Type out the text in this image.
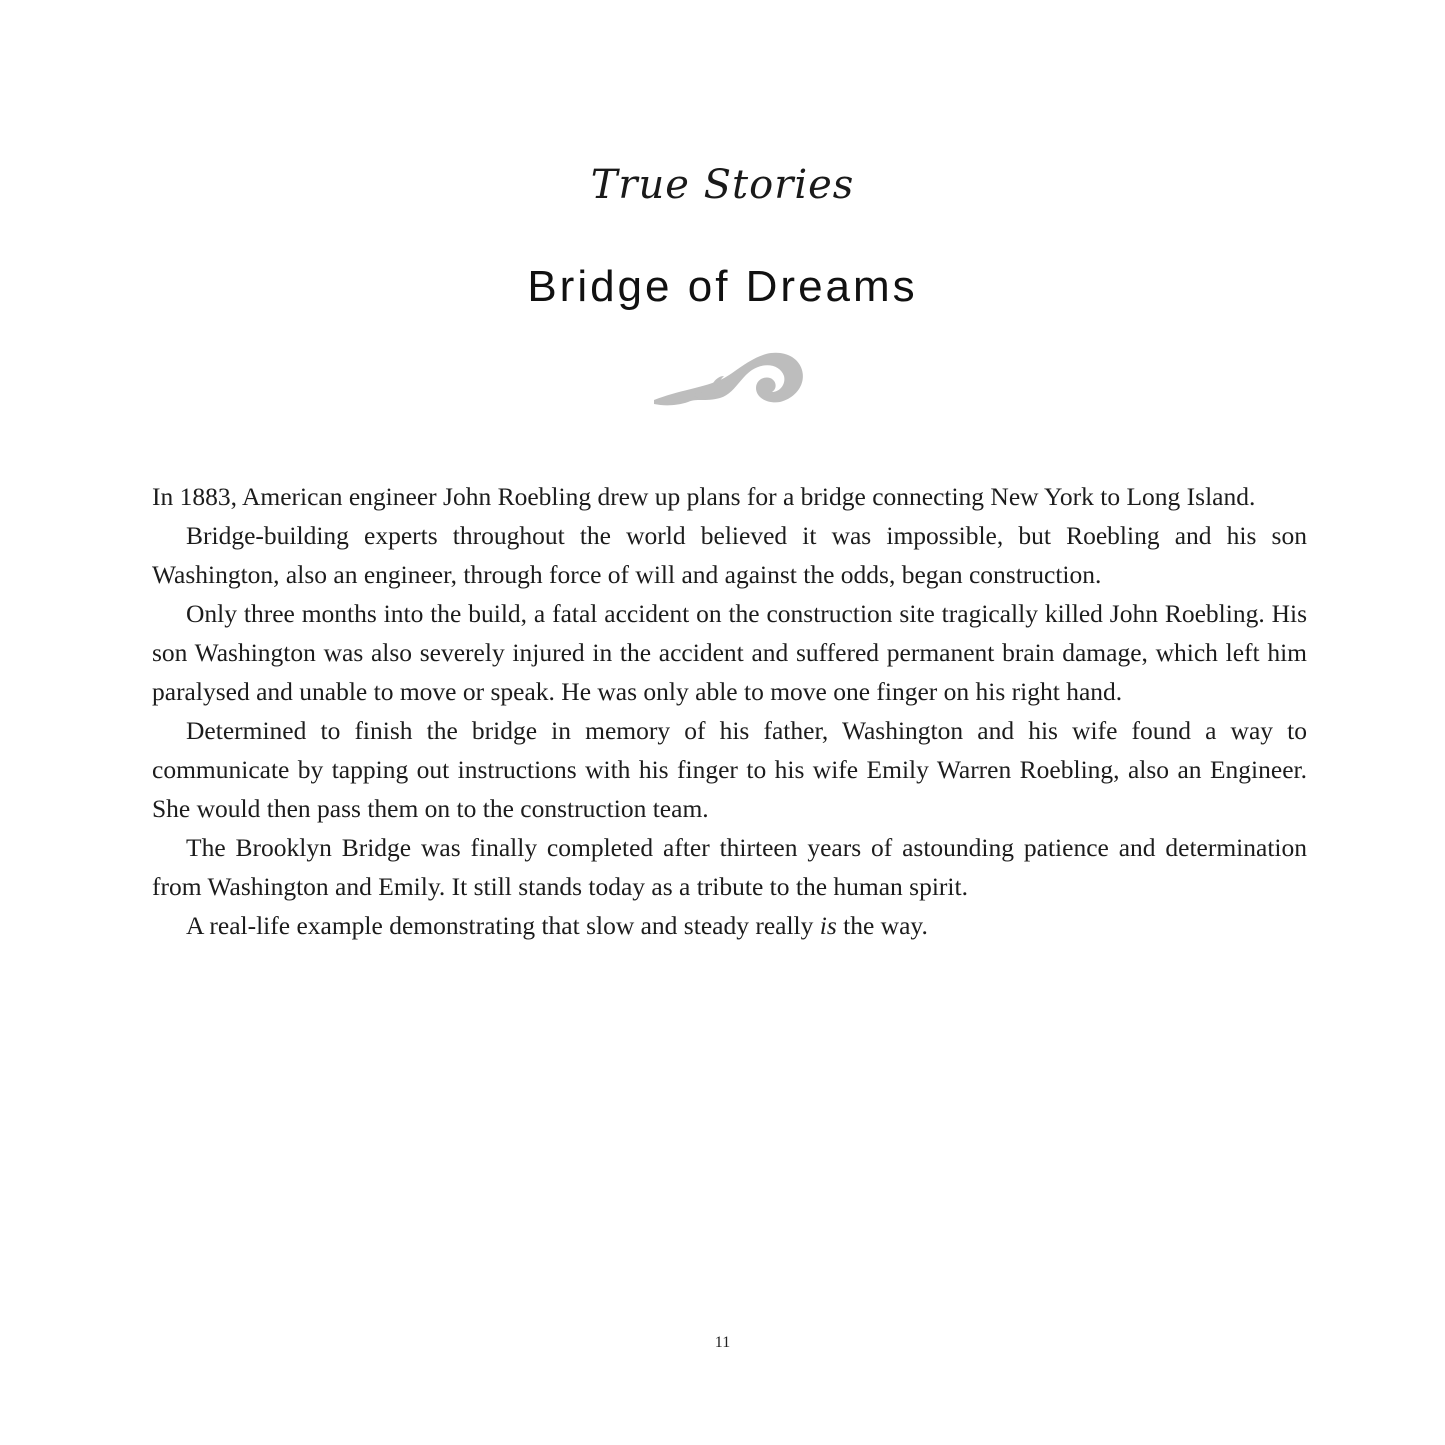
True Stories
Bridge of Dreams

In 1883, American engineer John Roebling drew up plans for a bridge connecting New York to Long Island.

Bridge-building experts throughout the world believed it was impossible, but Roebling and his son Washington, also an engineer, through force of will and against the odds, began construction.

Only three months into the build, a fatal accident on the construction site tragically killed John Roebling. His son Washington was also severely injured in the accident and suffered permanent brain damage, which left him paralysed and unable to move or speak. He was only able to move one finger on his right hand.

Determined to finish the bridge in memory of his father, Washington and his wife found a way to communicate by tapping out instructions with his finger to his wife Emily Warren Roebling, also an Engineer. She would then pass them on to the construction team.

The Brooklyn Bridge was finally completed after thirteen years of astounding patience and determination from Washington and Emily. It still stands today as a tribute to the human spirit.

A real-life example demonstrating that slow and steady really is the way.

11
